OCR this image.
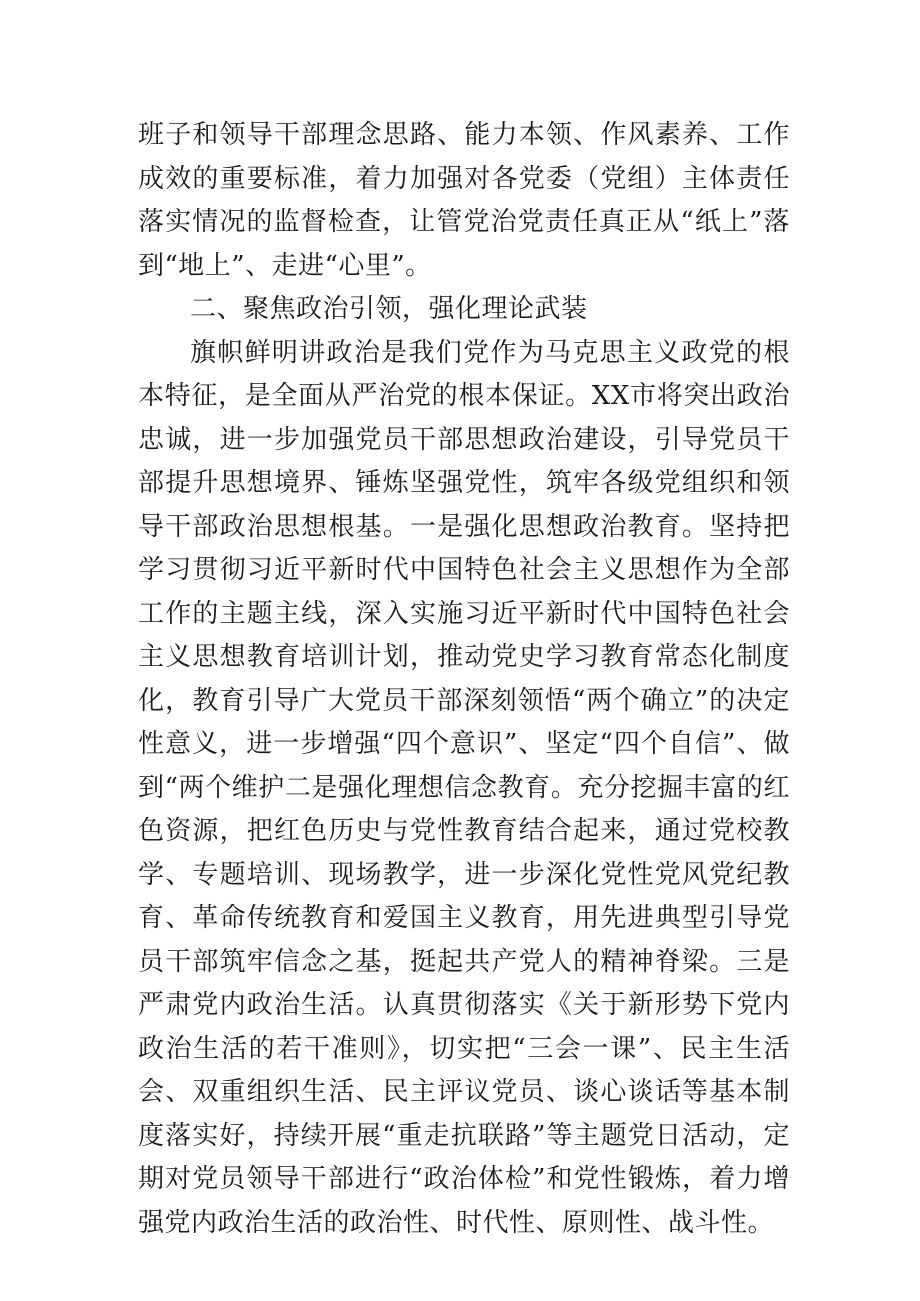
班子和领导干部理念思路、能力本领、作风素养、工作成效的重要标准，着力加强对各党委（党组）主体责任落实情况的监督检查，让管党治党责任真正从“纸上”落到“地上”、走进“心里”。

二、聚焦政治引领，强化理论武装

旗帜鲜明讲政治是我们党作为马克思主义政党的根本特征，是全面从严治党的根本保证。XX市将突出政治忠诚，进一步加强党员干部思想政治建设，引导党员干部提升思想境界、锤炼坚强党性，筑牢各级党组织和领导干部政治思想根基。一是强化思想政治教育。坚持把学习贯彻习近平新时代中国特色社会主义思想作为全部工作的主题主线，深入实施习近平新时代中国特色社会主义思想教育培训计划，推动党史学习教育常态化制度化，教育引导广大党员干部深刻领悟“两个确立”的决定性意义，进一步增强“四个意识”、坚定“四个自信”、做到“两个维护二是强化理想信念教育。充分挖掘丰富的红色资源，把红色历史与党性教育结合起来，通过党校教学、专题培训、现场教学，进一步深化党性党风党纪教育、革命传统教育和爱国主义教育，用先进典型引导党员干部筑牢信念之基，挺起共产党人的精神脊梁。三是严肃党内政治生活。认真贯彻落实《关于新形势下党内政治生活的若干准则》，切实把“三会一课”、民主生活会、双重组织生活、民主评议党员、谈心谈话等基本制度落实好，持续开展“重走抗联路”等主题党日活动，定期对党员领导干部进行“政治体检”和党性锻炼，着力增强党内政治生活的政治性、时代性、原则性、战斗性。
